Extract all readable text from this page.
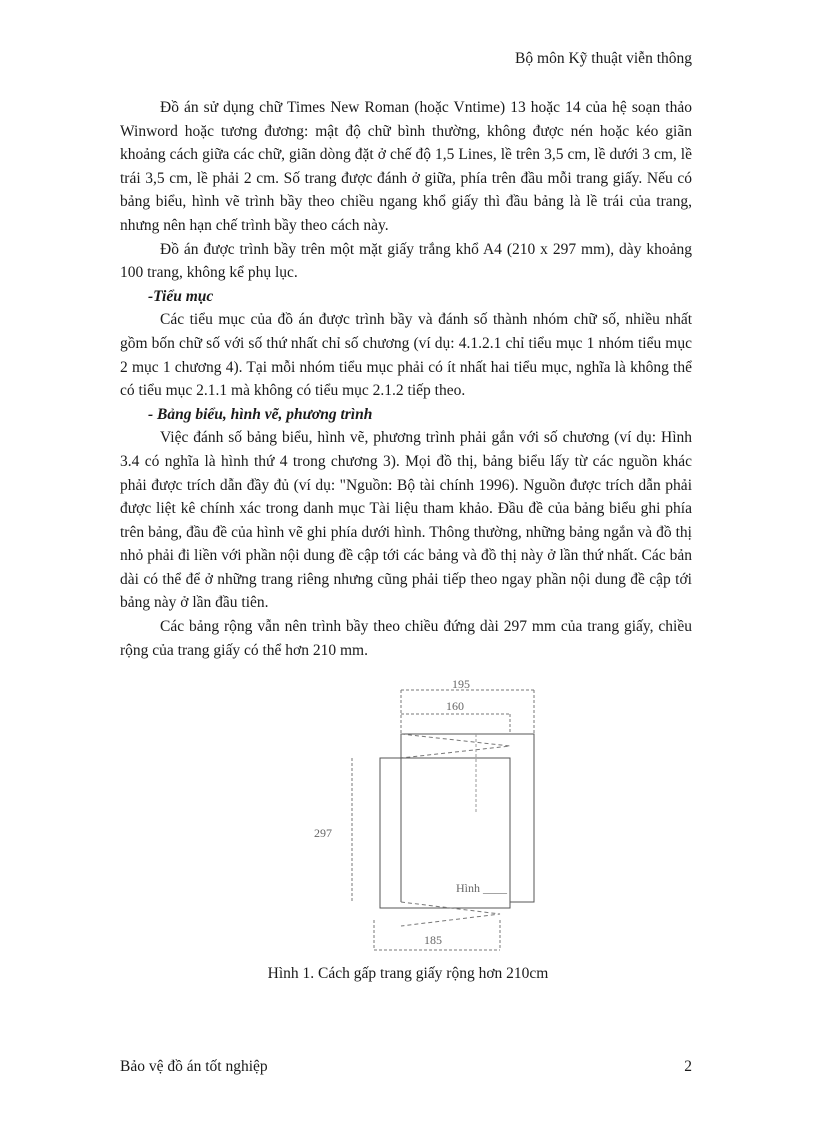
Bộ môn Kỹ thuật viễn thông

Đồ án sử dụng chữ Times New Roman (hoặc Vntime) 13 hoặc 14 của hệ soạn thảo Winword hoặc tương đương: mật độ chữ bình thường, không được nén hoặc kéo giãn khoảng cách giữa các chữ, giãn dòng đặt ở chế độ 1,5 Lines, lề trên 3,5 cm, lề dưới 3 cm, lề trái 3,5 cm, lề phải 2 cm. Số trang được đánh ở giữa, phía trên đầu mỗi trang giấy. Nếu có bảng biểu, hình vẽ trình bầy theo chiều ngang khổ giấy thì đầu bảng là lề trái của trang, nhưng nên hạn chế trình bầy theo cách này.

Đồ án được trình bầy trên một mặt giấy trắng khổ A4 (210 x 297 mm), dày khoảng 100 trang, không kể phụ lục.

-Tiểu mục

Các tiểu mục của đồ án được trình bầy và đánh số thành nhóm chữ số, nhiều nhất gồm bốn chữ số với số thứ nhất chỉ số chương (ví dụ: 4.1.2.1 chỉ tiểu mục 1 nhóm tiểu mục 2 mục 1 chương 4). Tại mỗi nhóm tiểu mục phải có ít nhất hai tiểu mục, nghĩa là không thể có tiểu mục 2.1.1 mà không có tiểu mục 2.1.2 tiếp theo.

- Bảng biểu, hình vẽ, phương trình

Việc đánh số bảng biểu, hình vẽ, phương trình phải gắn với số chương (ví dụ: Hình 3.4 có nghĩa là hình thứ 4 trong chương 3). Mọi đồ thị, bảng biểu lấy từ các nguồn khác phải được trích dẫn đầy đủ (ví dụ: "Nguồn: Bộ tài chính 1996). Nguồn được trích dẫn phải được liệt kê chính xác trong danh mục Tài liệu tham khảo. Đầu đề của bảng biểu ghi phía trên bảng, đầu đề của hình vẽ ghi phía dưới hình. Thông thường, những bảng ngắn và đồ thị nhỏ phải đi liền với phần nội dung đề cập tới các bảng và đồ thị này ở lần thứ nhất. Các bản dài có thể để ở những trang riêng nhưng cũng phải tiếp theo ngay phần nội dung đề cập tới bảng này ở lần đầu tiên.

Các bảng rộng vẫn nên trình bầy theo chiều đứng dài 297 mm của trang giấy, chiều rộng của trang giấy có thể hơn 210 mm.

195
160
297
185
Hình ____
Hình 1. Cách gấp trang giấy rộng hơn 210cm
Bảo vệ đồ án tốt nghiệp	2
